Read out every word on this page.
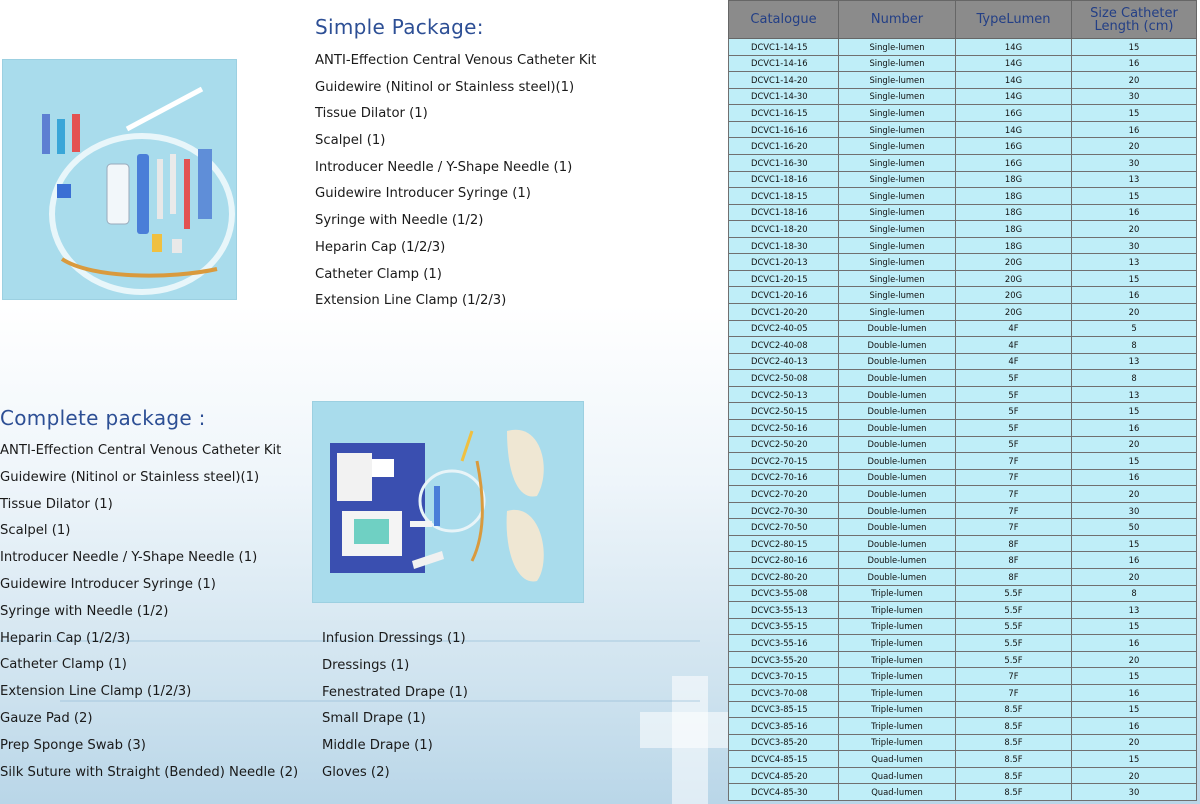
Simple Package:
ANTI-Effection Central Venous Catheter Kit
Guidewire (Nitinol or Stainless steel)(1)
Tissue Dilator (1)
Scalpel (1)
Introducer Needle / Y-Shape Needle (1)
Guidewire Introducer Syringe (1)
Syringe with Needle (1/2)
Heparin Cap (1/2/3)
Catheter Clamp (1)
Extension Line Clamp (1/2/3)
Complete package :
ANTI-Effection Central Venous Catheter Kit
Guidewire (Nitinol or Stainless steel)(1)
Tissue Dilator (1)
Scalpel (1)
Introducer Needle / Y-Shape Needle (1)
Guidewire Introducer Syringe (1)
Syringe with Needle (1/2)
Heparin Cap (1/2/3)
Catheter Clamp (1)
Extension Line Clamp (1/2/3)
Gauze Pad (2)
Prep Sponge Swab (3)
Silk Suture with Straight (Bended) Needle (2)
Infusion Dressings (1)
Dressings (1)
Fenestrated Drape (1)
Small Drape (1)
Middle Drape (1)
Gloves (2)
Catalogue	Number	TypeLumen	Size Catheter Length (cm)
DCVC1-14-15	Single-lumen	14G	15
DCVC1-14-16	Single-lumen	14G	16
DCVC1-14-20	Single-lumen	14G	20
DCVC1-14-30	Single-lumen	14G	30
DCVC1-16-15	Single-lumen	16G	15
DCVC1-16-16	Single-lumen	14G	16
DCVC1-16-20	Single-lumen	16G	20
DCVC1-16-30	Single-lumen	16G	30
DCVC1-18-16	Single-lumen	18G	13
DCVC1-18-15	Single-lumen	18G	15
DCVC1-18-16	Single-lumen	18G	16
DCVC1-18-20	Single-lumen	18G	20
DCVC1-18-30	Single-lumen	18G	30
DCVC1-20-13	Single-lumen	20G	13
DCVC1-20-15	Single-lumen	20G	15
DCVC1-20-16	Single-lumen	20G	16
DCVC1-20-20	Single-lumen	20G	20
DCVC2-40-05	Double-lumen	4F	5
DCVC2-40-08	Double-lumen	4F	8
DCVC2-40-13	Double-lumen	4F	13
DCVC2-50-08	Double-lumen	5F	8
DCVC2-50-13	Double-lumen	5F	13
DCVC2-50-15	Double-lumen	5F	15
DCVC2-50-16	Double-lumen	5F	16
DCVC2-50-20	Double-lumen	5F	20
DCVC2-70-15	Double-lumen	7F	15
DCVC2-70-16	Double-lumen	7F	16
DCVC2-70-20	Double-lumen	7F	20
DCVC2-70-30	Double-lumen	7F	30
DCVC2-70-50	Double-lumen	7F	50
DCVC2-80-15	Double-lumen	8F	15
DCVC2-80-16	Double-lumen	8F	16
DCVC2-80-20	Double-lumen	8F	20
DCVC3-55-08	Triple-lumen	5.5F	8
DCVC3-55-13	Triple-lumen	5.5F	13
DCVC3-55-15	Triple-lumen	5.5F	15
DCVC3-55-16	Triple-lumen	5.5F	16
DCVC3-55-20	Triple-lumen	5.5F	20
DCVC3-70-15	Triple-lumen	7F	15
DCVC3-70-08	Triple-lumen	7F	16
DCVC3-85-15	Triple-lumen	8.5F	15
DCVC3-85-16	Triple-lumen	8.5F	16
DCVC3-85-20	Triple-lumen	8.5F	20
DCVC4-85-15	Quad-lumen	8.5F	15
DCVC4-85-20	Quad-lumen	8.5F	20
DCVC4-85-30	Quad-lumen	8.5F	30
